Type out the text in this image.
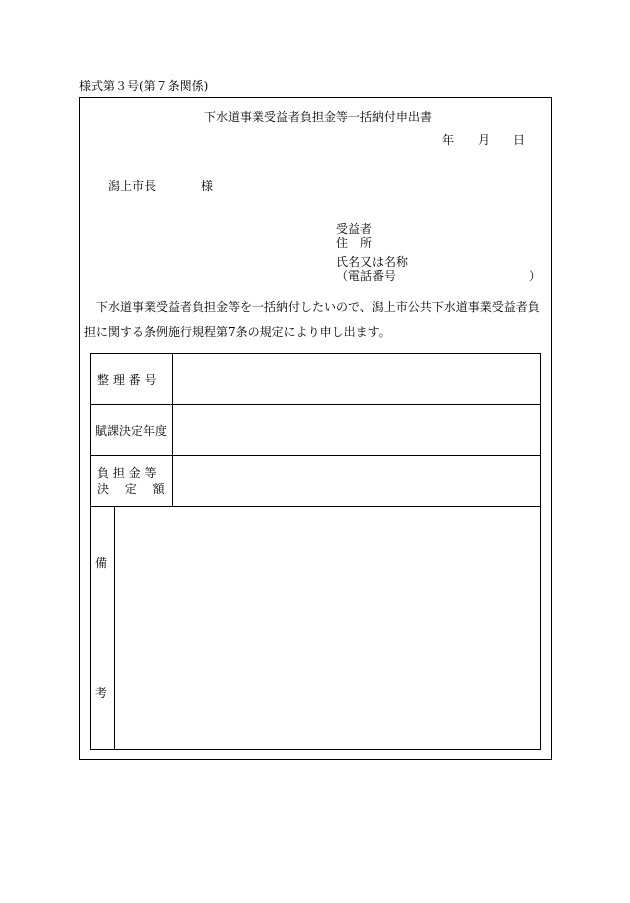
様式第３号(第７条関係)
下水道事業受益者負担金等一括納付申出書
年 月 日
潟上市長	様
受益者
住　所
氏名又は名称
（電話番号	）
下水道事業受益者負担金等を一括納付したいので、潟上市公共下水道事業受益者負担に関する条例施行規程第7条の規定により申し出ます。
整 理 番 号
賦課決定年度
負 担 金 等
決　 定 　額
備
考
